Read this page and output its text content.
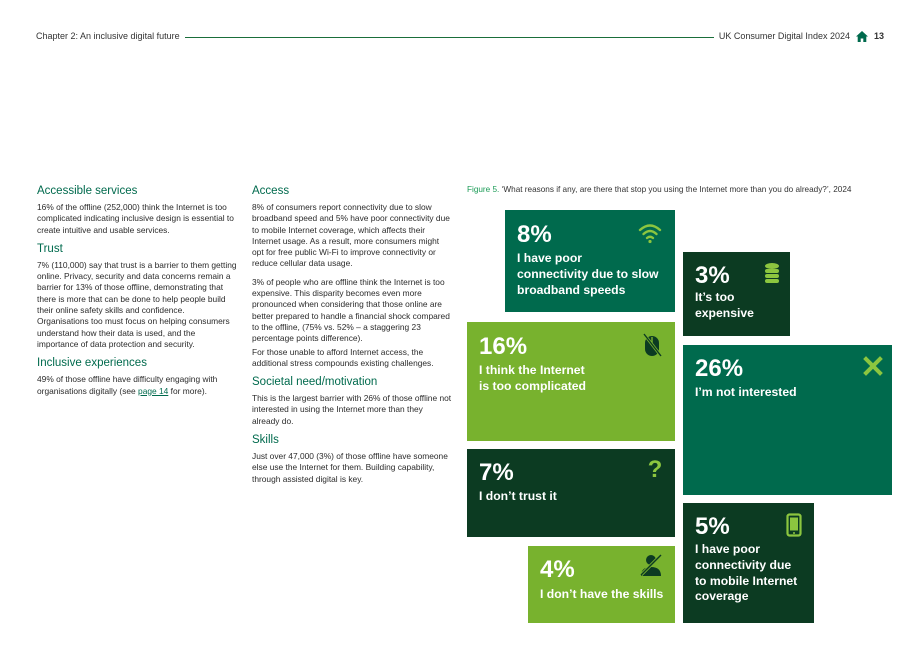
Chapter 2: An inclusive digital future	UK Consumer Digital Index 2024	13
Accessible services

16% of the offline (252,000) think the Internet is too complicated indicating inclusive design is essential to create intuitive and usable services.

Trust

7% (110,000) say that trust is a barrier to them getting online. Privacy, security and data concerns remain a barrier for 13% of those offline, demonstrating that there is more that can be done to help people build their online safety skills and confidence. Organisations too must focus on helping consumers understand how their data is used, and the importance of data protection and security.

Inclusive experiences

49% of those offline have difficulty engaging with organisations digitally (see page 14 for more).

Access

8% of consumers report connectivity due to slow broadband speed and 5% have poor connectivity due to mobile Internet coverage, which affects their Internet usage. As a result, more consumers might opt for free public Wi-Fi to improve connectivity or reduce cellular data usage.

3% of people who are offline think the Internet is too expensive. This disparity becomes even more pronounced when considering that those online are better prepared to handle a financial shock compared to the offline, (75% vs. 52% – a staggering 23 percentage points difference).

For those unable to afford Internet access, the additional stress compounds existing challenges.

Societal need/motivation

This is the largest barrier with 26% of those offline not interested in using the Internet more than they already do.

Skills

Just over 47,000 (3%) of those offline have someone else use the Internet for them. Building capability, through assisted digital is key.

Figure 5. ‘What reasons if any, are there that stop you using the Internet more than you do already?’, 2024
8%
I have poor
connectivity due to slow
broadband speeds
3%
It’s too
expensive
16%
I think the Internet
is too complicated
26%
I’m not interested
7%
I don’t trust it
?
5%
I have poor
connectivity due
to mobile Internet
coverage
4%
I don’t have the skills
